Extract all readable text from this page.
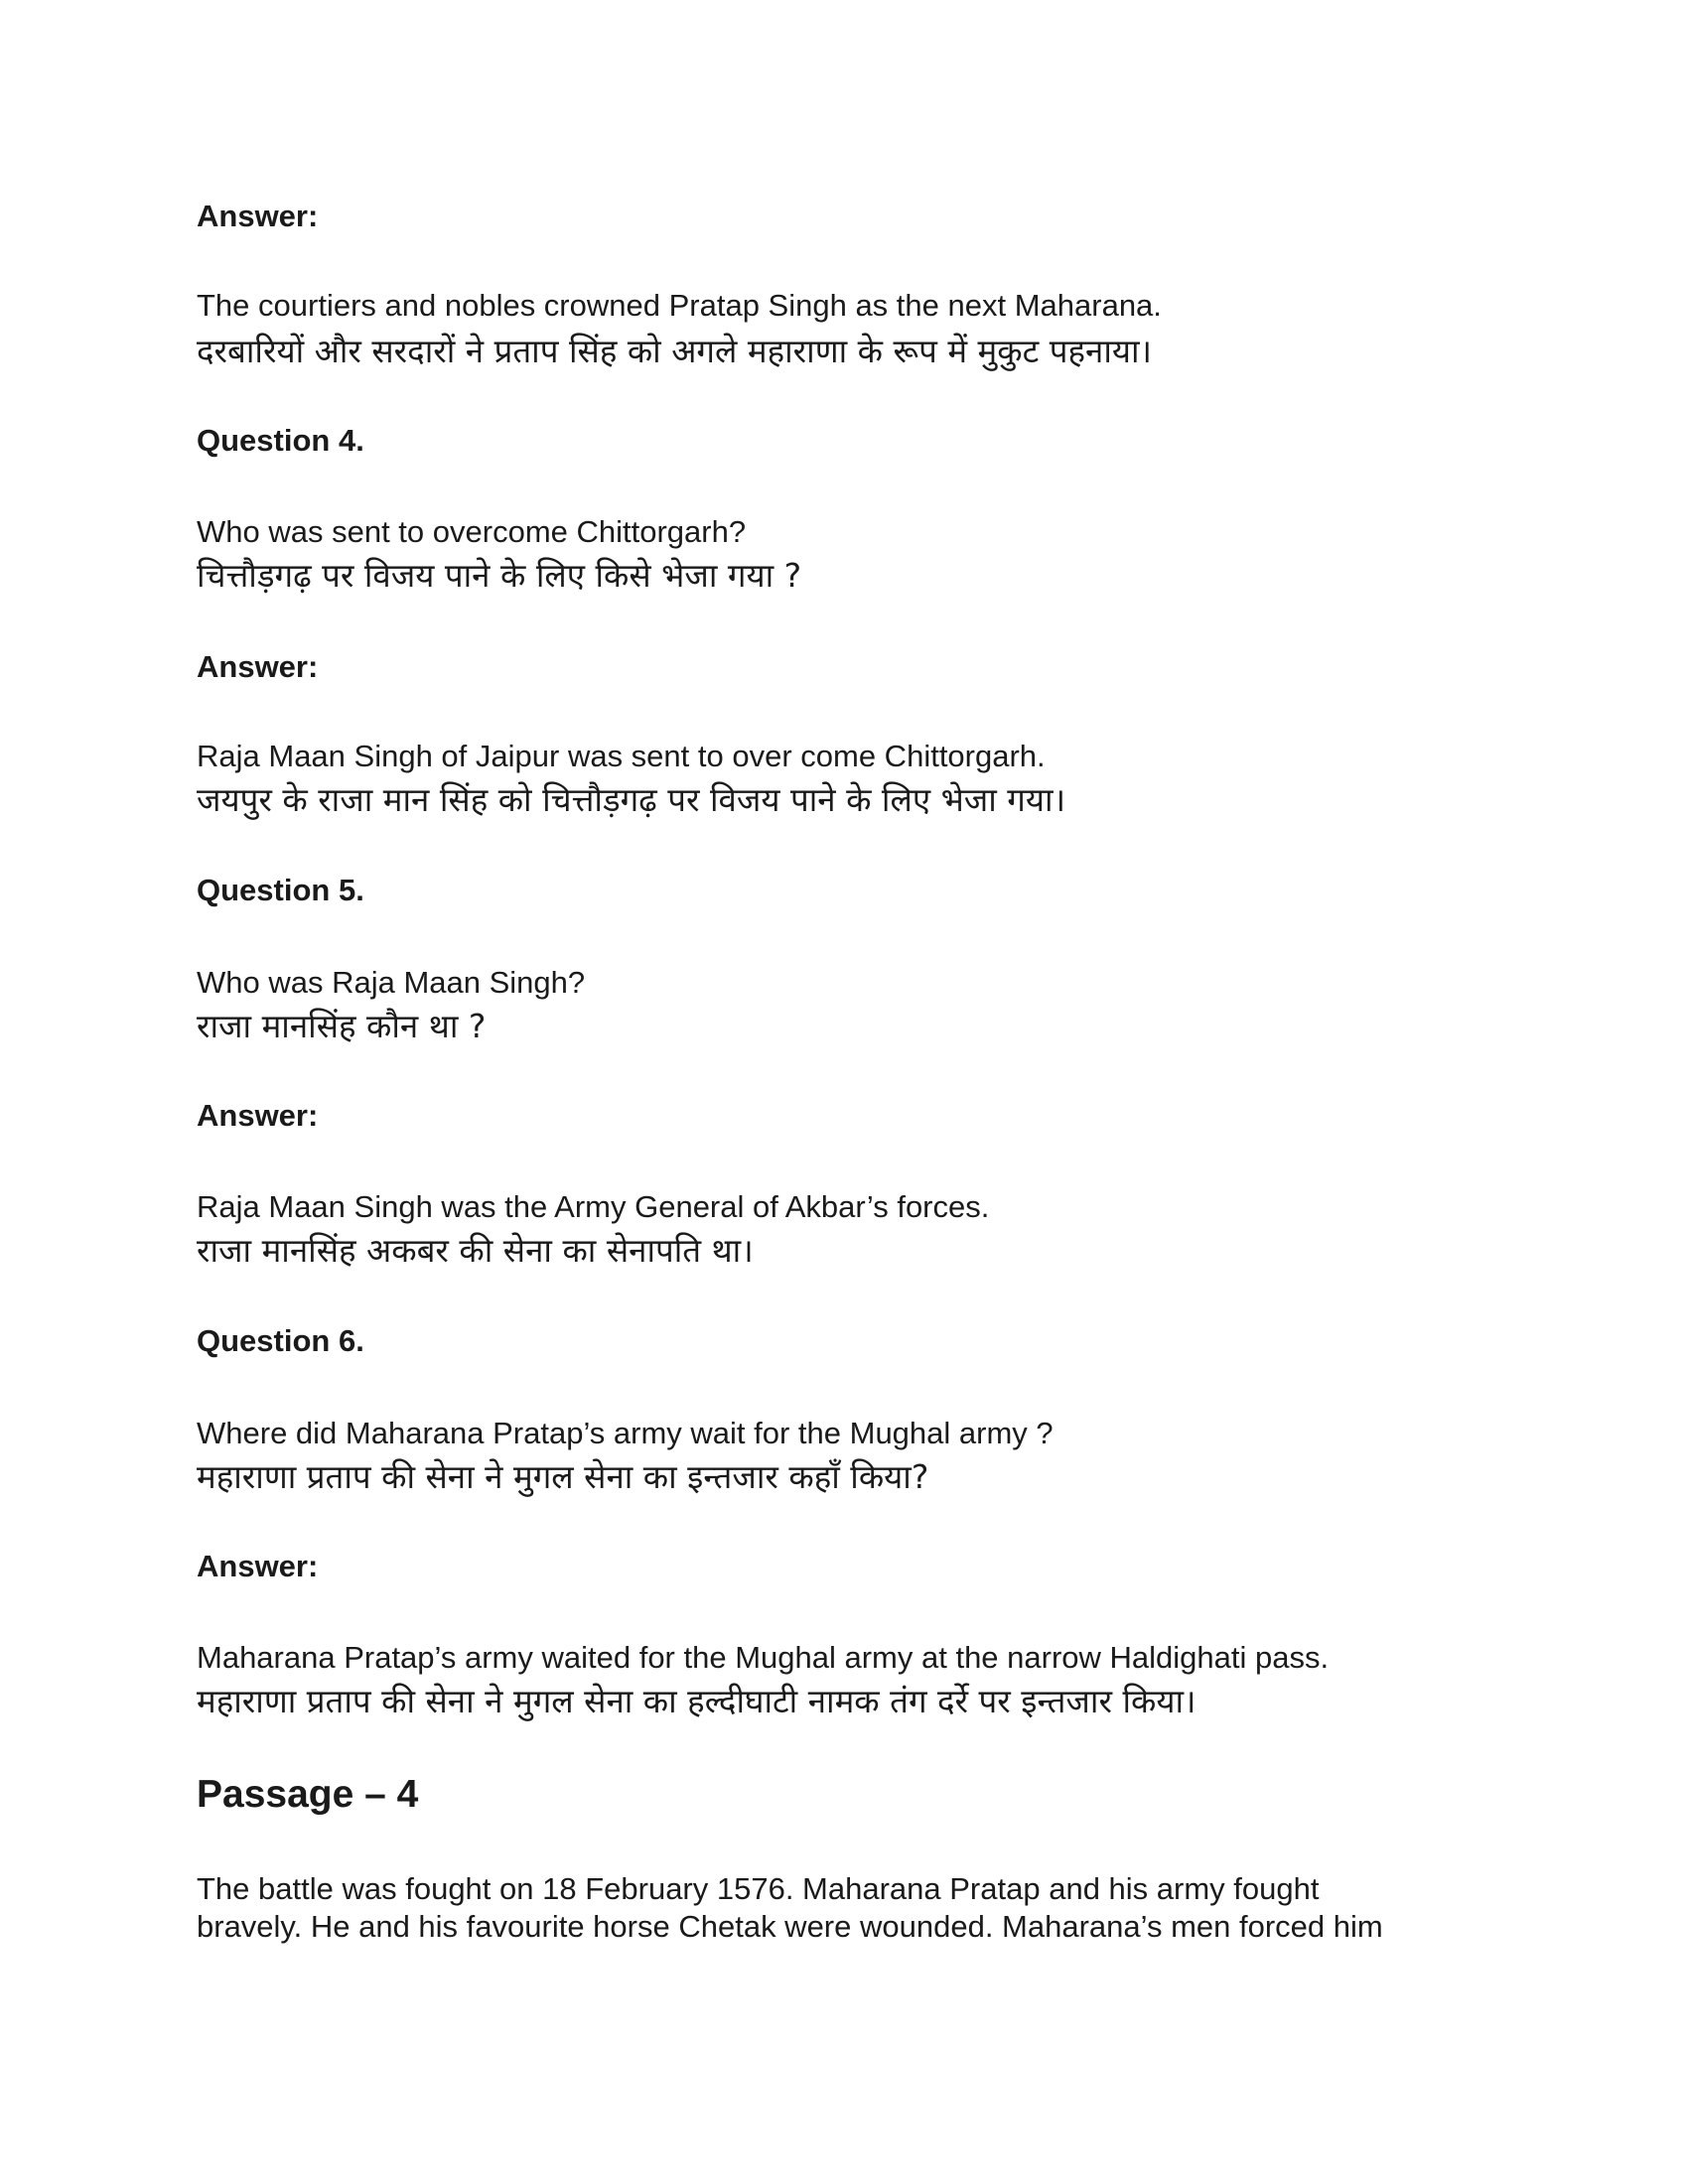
Answer:
The courtiers and nobles crowned Pratap Singh as the next Maharana.
दरबारियों और सरदारों ने प्रताप सिंह को अगले महाराणा के रूप में मुकुट पहनाया।
Question 4.
Who was sent to overcome Chittorgarh?
चित्तौड़गढ़ पर विजय पाने के लिए किसे भेजा गया ?
Answer:
Raja Maan Singh of Jaipur was sent to over come Chittorgarh.
जयपुर के राजा मान सिंह को चित्तौड़गढ़ पर विजय पाने के लिए भेजा गया।
Question 5.
Who was Raja Maan Singh?
राजा मानसिंह कौन था ?
Answer:
Raja Maan Singh was the Army General of Akbar’s forces.
राजा मानसिंह अकबर की सेना का सेनापति था।
Question 6.
Where did Maharana Pratap’s army wait for the Mughal army ?
महाराणा प्रताप की सेना ने मुगल सेना का इन्तजार कहाँ किया?
Answer:
Maharana Pratap’s army waited for the Mughal army at the narrow Haldighati pass.
महाराणा प्रताप की सेना ने मुगल सेना का हल्दीघाटी नामक तंग दर्रे पर इन्तजार किया।
Passage – 4
The battle was fought on 18 February 1576. Maharana Pratap and his army fought
bravely. He and his favourite horse Chetak were wounded. Maharana’s men forced him
